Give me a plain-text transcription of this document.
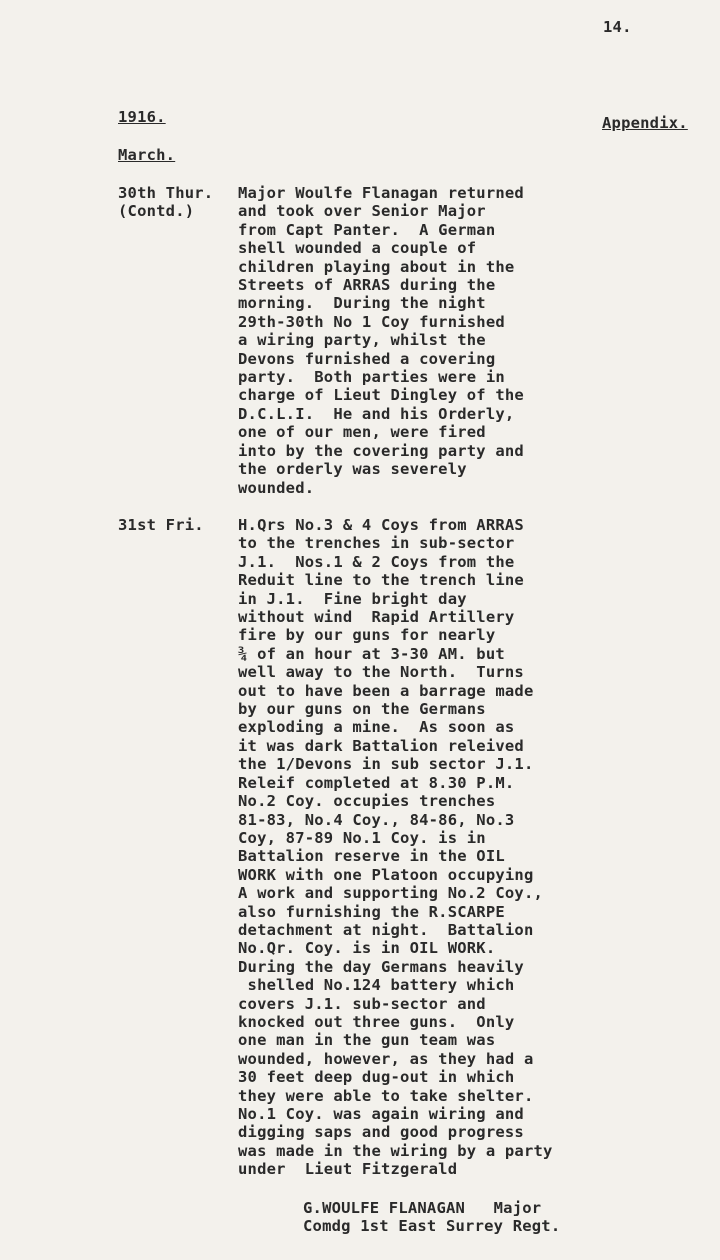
14.
1916.	Appendix.
March.
30th Thur.
(Contd.)
Major Woulfe Flanagan returned
and took over Senior Major
from Capt Panter.  A German
shell wounded a couple of
children playing about in the
Streets of ARRAS during the
morning.  During the night
29th-30th No 1 Coy furnished
a wiring party, whilst the
Devons furnished a covering
party.  Both parties were in
charge of Lieut Dingley of the
D.C.L.I.  He and his Orderly,
one of our men, were fired
into by the covering party and
the orderly was severely
wounded.
31st Fri. H.Qrs No.3 & 4 Coys from ARRAS
to the trenches in sub-sector
J.1.  Nos.1 & 2 Coys from the
Reduit line to the trench line
in J.1.  Fine bright day
without wind  Rapid Artillery
fire by our guns for nearly
¾ of an hour at 3-30 AM. but
well away to the North.  Turns
out to have been a barrage made
by our guns on the Germans
exploding a mine.  As soon as
it was dark Battalion releived
the 1/Devons in sub sector J.1.
Releif completed at 8.30 P.M.
No.2 Coy. occupies trenches
81-83, No.4 Coy., 84-86, No.3
Coy, 87-89 No.1 Coy. is in
Battalion reserve in the OIL
WORK with one Platoon occupying
A work and supporting No.2 Coy.,
also furnishing the R.SCARPE
detachment at night.  Battalion
No.Qr. Coy. is in OIL WORK.
During the day Germans heavily
shelled No.124 battery which
covers J.1. sub-sector and
knocked out three guns.  Only
one man in the gun team was
wounded, however, as they had a
30 feet deep dug-out in which
they were able to take shelter.
No.1 Coy. was again wiring and
digging saps and good progress
was made in the wiring by a party
under  Lieut Fitzgerald
G.WOULFE FLANAGAN   Major
Comdg 1st East Surrey Regt.
